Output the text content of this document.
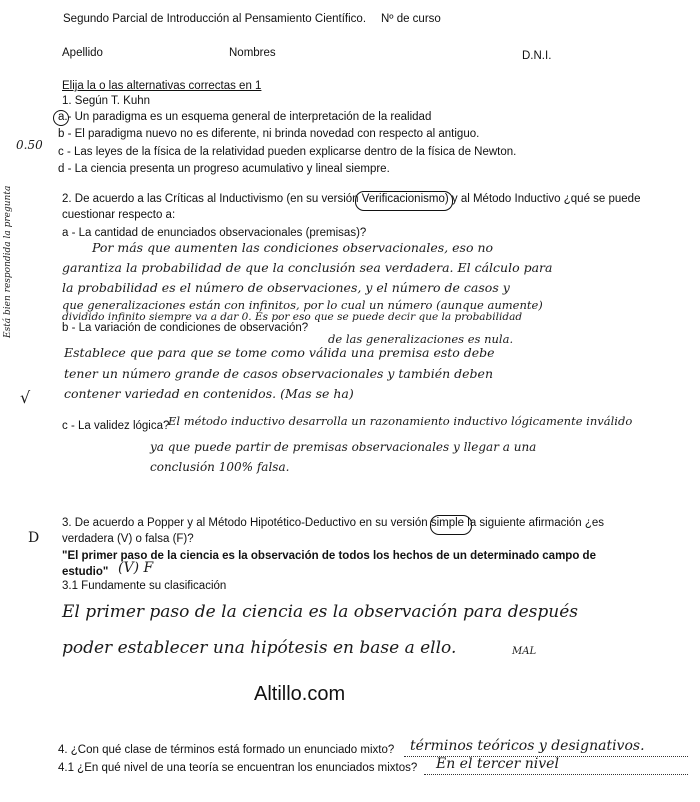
Segundo Parcial de Introducción al Pensamiento Científico. Nº de curso
Apellido	Nombres	D.N.I.
Elija la o las alternativas correctas en 1
1. Según T. Kuhn
a.- Un paradigma es un esquema general de interpretación de la realidad
b - El paradigma nuevo no es diferente, ni brinda novedad con respecto al antiguo.
c - Las leyes de la física de la relatividad pueden explicarse dentro de la física de Newton.
d - La ciencia presenta un progreso acumulativo y lineal siempre.
0.50
2. De acuerdo a las Críticas al Inductivismo (en su versión Verificacionismo) y al Método Inductivo ¿qué se puede
cuestionar respecto a:
a - La cantidad de enunciados observacionales (premisas)?
Por más que aumenten las condiciones observacionales, eso no
garantiza la probabilidad de que la conclusión sea verdadera. El cálculo para
la probabilidad es el número de observaciones, y el número de casos y
que generalizaciones están con infinitos, por lo cual un número (aunque aumente)
dividido infinito siempre va a dar 0. Es por eso que se puede decir que la probabilidad
de las generalizaciones es nula.
b - La variación de condiciones de observación?
Establece que para que se tome como válida una premisa esto debe
tener un número grande de casos observacionales y también deben
contener variedad en contenidos. (Mas se ha)
c - La validez lógica?
El método inductivo desarrolla un razonamiento inductivo lógicamente inválido
ya que puede partir de premisas observacionales y llegar a una
conclusión 100% falsa.
Está bien respondida la pregunta
√
3. De acuerdo a Popper y al Método Hipotético-Deductivo en su versión simple la siguiente afirmación ¿es
verdadera (V) o falsa (F)?
D
"El primer paso de la ciencia es la observación de todos los hechos de un determinado campo de
estudio" (V) F
3.1 Fundamente su clasificación
El primer paso de la ciencia es la observación para después
poder establecer una hipótesis en base a ello.	MAL
Altillo.com
4. ¿Con qué clase de términos está formado un enunciado mixto? términos teóricos y designativos.
4.1 ¿En qué nivel de una teoría se encuentran los enunciados mixtos? En el tercer nivel
